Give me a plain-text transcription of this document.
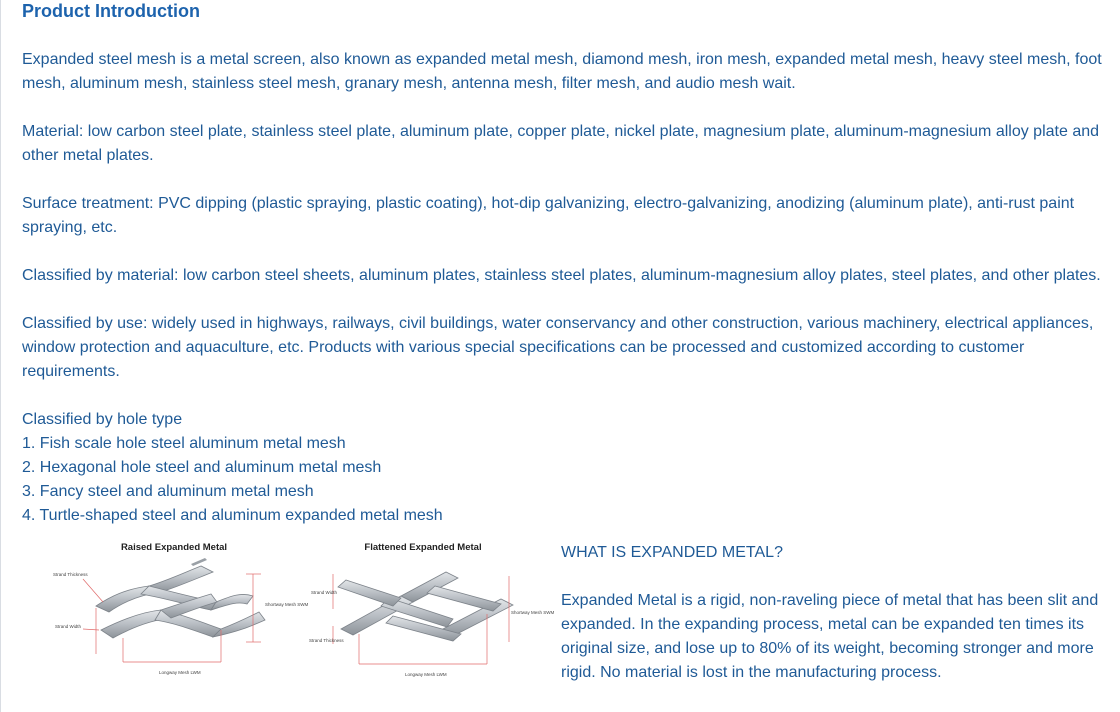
Product Introduction

Expanded steel mesh is a metal screen, also known as expanded metal mesh, diamond mesh, iron mesh, expanded metal mesh, heavy steel mesh, foot mesh, aluminum mesh, stainless steel mesh, granary mesh, antenna mesh, filter mesh, and audio mesh wait.

Material: low carbon steel plate, stainless steel plate, aluminum plate, copper plate, nickel plate, magnesium plate, aluminum-magnesium alloy plate and other metal plates.

Surface treatment: PVC dipping (plastic spraying, plastic coating), hot-dip galvanizing, electro-galvanizing, anodizing (aluminum plate), anti-rust paint spraying, etc.

Classified by material: low carbon steel sheets, aluminum plates, stainless steel plates, aluminum-magnesium alloy plates, steel plates, and other plates.

Classified by use: widely used in highways, railways, civil buildings, water conservancy and other construction, various machinery, electrical appliances, window protection and aquaculture, etc. Products with various special specifications can be processed and customized according to customer requirements.

Classified by hole type
1. Fish scale hole steel aluminum metal mesh
2. Hexagonal hole steel and aluminum metal mesh
3. Fancy steel and aluminum metal mesh
4. Turtle-shaped steel and aluminum expanded metal mesh
Raised Expanded Metal
Strand Thickness
Strand Width
Shortway Mesh SWM
Longway Mesh LWM
Flattened Expanded Metal
Strand Width
Strand Thickness
Shortway Mesh SWM
Longway Mesh LWM

WHAT IS EXPANDED METAL?

Expanded Metal is a rigid, non-raveling piece of metal that has been slit and expanded. In the expanding process, metal can be expanded ten times its original size, and lose up to 80% of its weight, becoming stronger and more rigid. No material is lost in the manufacturing process.
